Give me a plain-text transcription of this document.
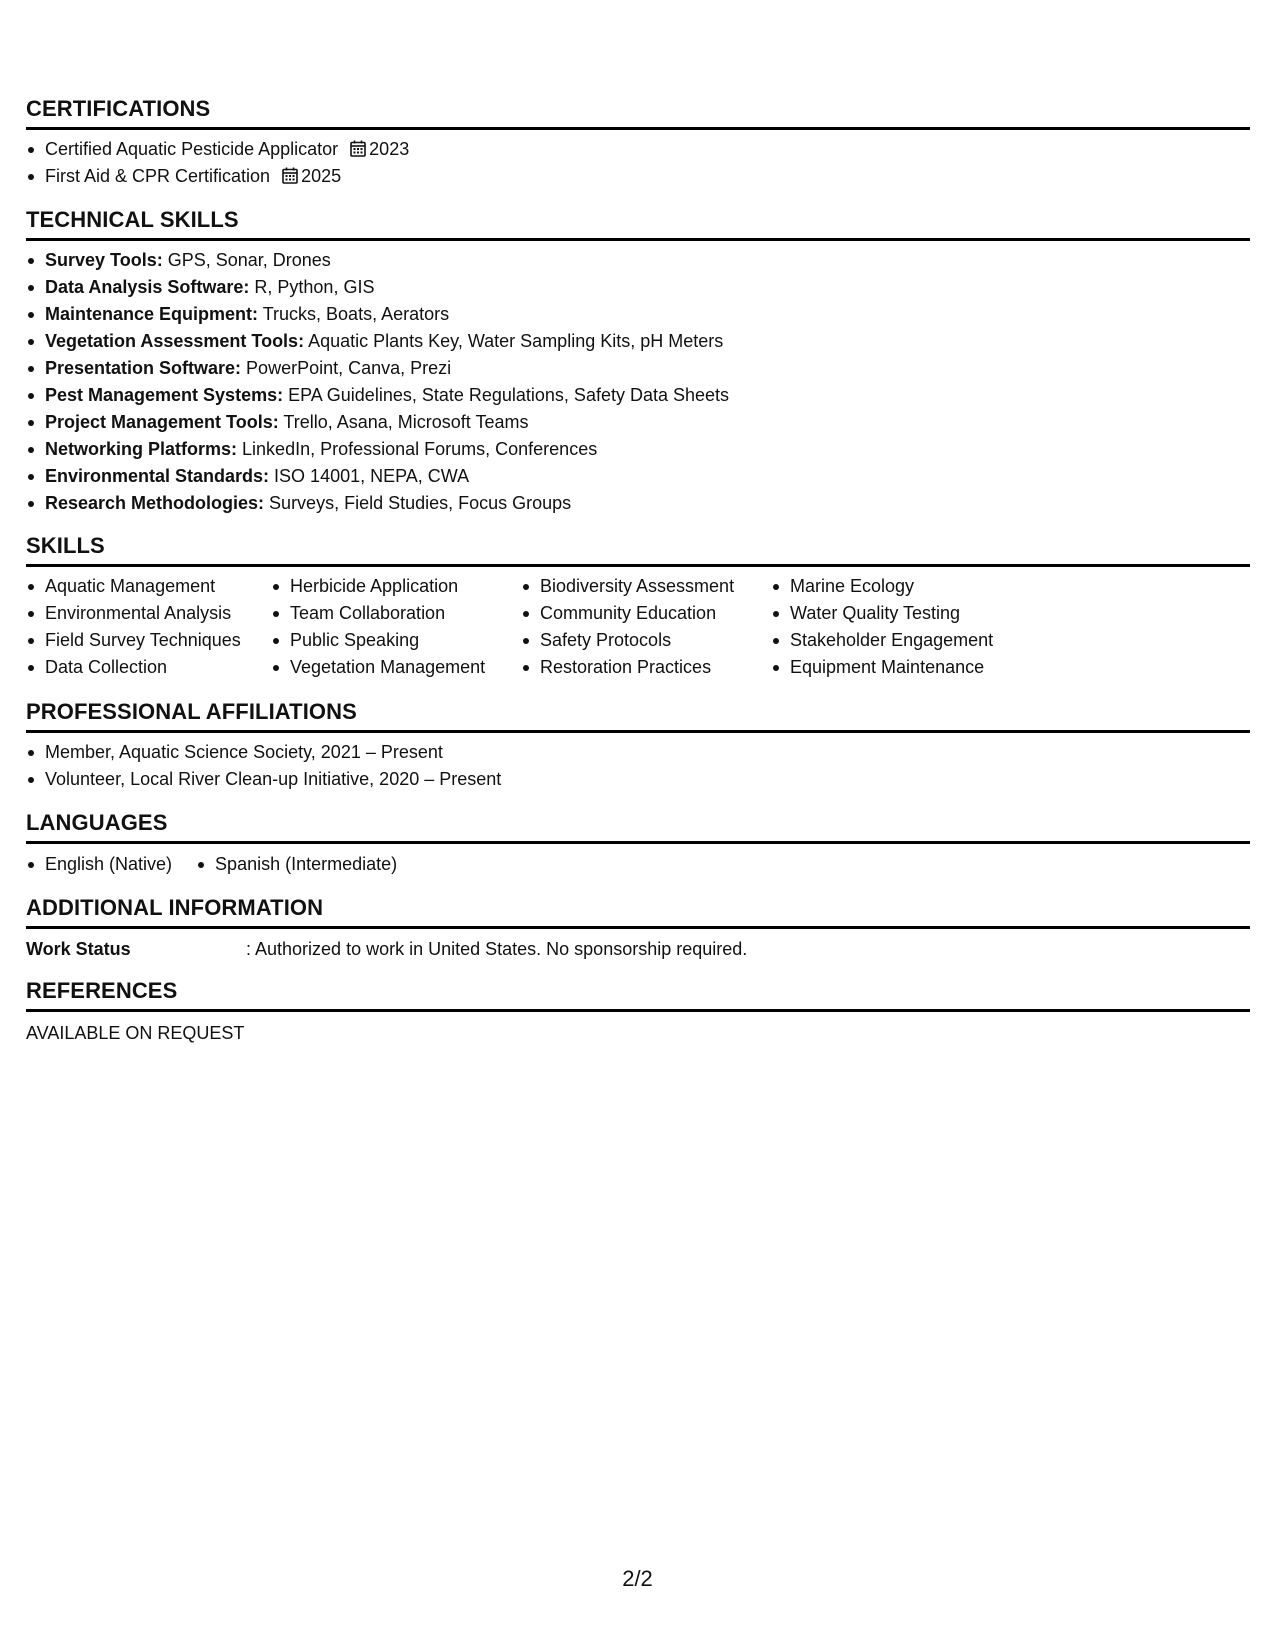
CERTIFICATIONS
Certified Aquatic Pesticide Applicator 2023
First Aid & CPR Certification 2025
TECHNICAL SKILLS
Survey Tools: GPS, Sonar, Drones
Data Analysis Software: R, Python, GIS
Maintenance Equipment: Trucks, Boats, Aerators
Vegetation Assessment Tools: Aquatic Plants Key, Water Sampling Kits, pH Meters
Presentation Software: PowerPoint, Canva, Prezi
Pest Management Systems: EPA Guidelines, State Regulations, Safety Data Sheets
Project Management Tools: Trello, Asana, Microsoft Teams
Networking Platforms: LinkedIn, Professional Forums, Conferences
Environmental Standards: ISO 14001, NEPA, CWA
Research Methodologies: Surveys, Field Studies, Focus Groups
SKILLS
Aquatic Management
Environmental Analysis
Field Survey Techniques
Data Collection
Herbicide Application
Team Collaboration
Public Speaking
Vegetation Management
Biodiversity Assessment
Community Education
Safety Protocols
Restoration Practices
Marine Ecology
Water Quality Testing
Stakeholder Engagement
Equipment Maintenance
PROFESSIONAL AFFILIATIONS
Member, Aquatic Science Society, 2021 – Present
Volunteer, Local River Clean-up Initiative, 2020 – Present
LANGUAGES
English (Native)	Spanish (Intermediate)
ADDITIONAL INFORMATION
Work Status	: Authorized to work in United States. No sponsorship required.
REFERENCES
AVAILABLE ON REQUEST
2/2
